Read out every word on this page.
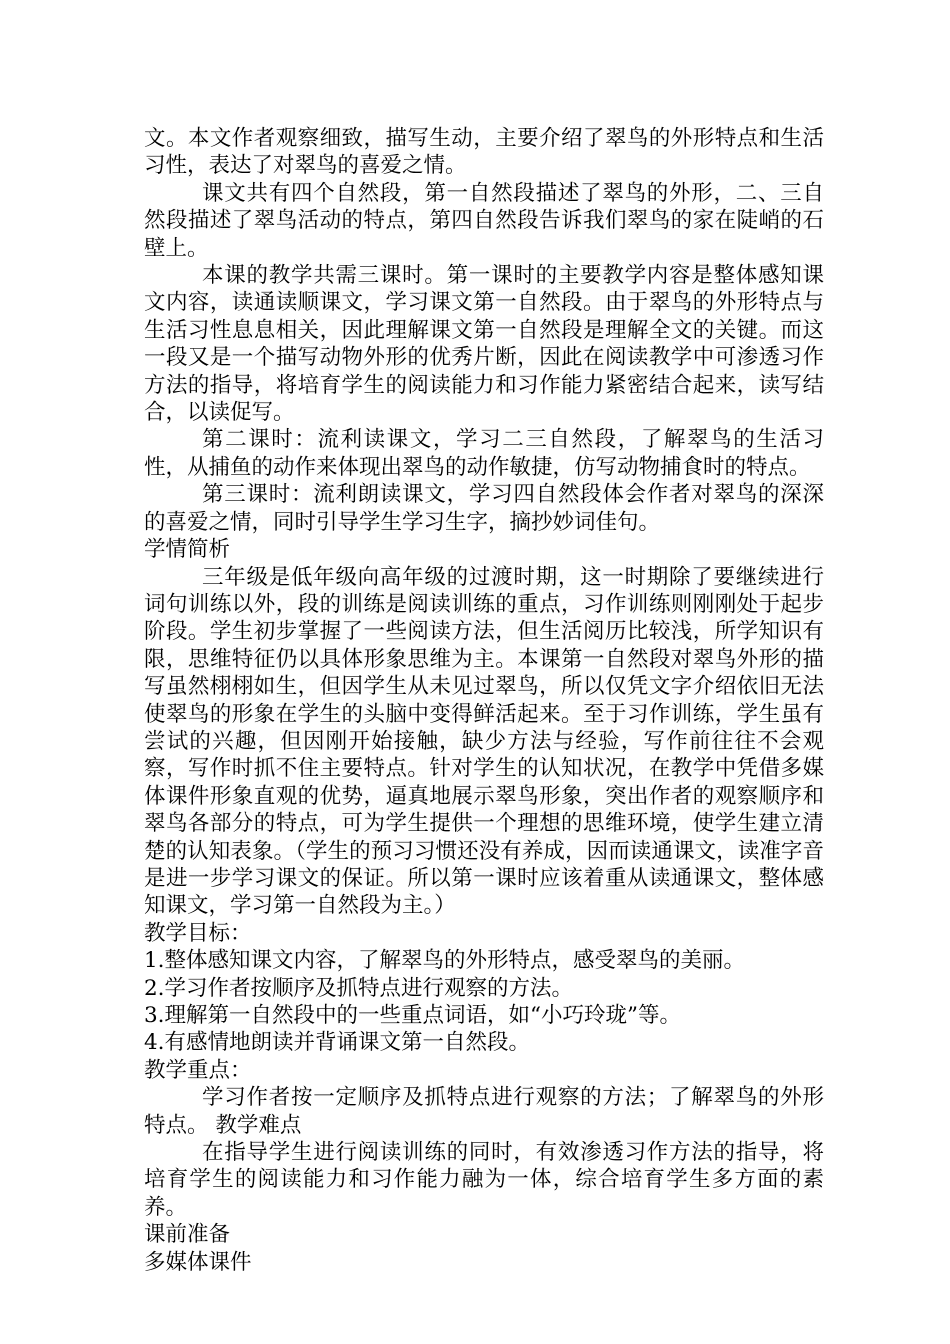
文。本文作者观察细致，描写生动，主要介绍了翠鸟的外形特点和生活习性，表达了对翠鸟的喜爱之情。

课文共有四个自然段，第一自然段描述了翠鸟的外形，二、三自然段描述了翠鸟活动的特点，第四自然段告诉我们翠鸟的家在陡峭的石壁上。

本课的教学共需三课时。第一课时的主要教学内容是整体感知课文内容，读通读顺课文，学习课文第一自然段。由于翠鸟的外形特点与生活习性息息相关，因此理解课文第一自然段是理解全文的关键。而这一段又是一个描写动物外形的优秀片断，因此在阅读教学中可渗透习作方法的指导，将培育学生的阅读能力和习作能力紧密结合起来，读写结合，以读促写。

第二课时：流利读课文，学习二三自然段，了解翠鸟的生活习性，从捕鱼的动作来体现出翠鸟的动作敏捷，仿写动物捕食时的特点。

第三课时：流利朗读课文，学习四自然段体会作者对翠鸟的深深的喜爱之情，同时引导学生学习生字，摘抄妙词佳句。

学情简析

三年级是低年级向高年级的过渡时期，这一时期除了要继续进行词句训练以外，段的训练是阅读训练的重点，习作训练则刚刚处于起步阶段。学生初步掌握了一些阅读方法，但生活阅历比较浅，所学知识有限，思维特征仍以具体形象思维为主。本课第一自然段对翠鸟外形的描写虽然栩栩如生，但因学生从未见过翠鸟，所以仅凭文字介绍依旧无法使翠鸟的形象在学生的头脑中变得鲜活起来。至于习作训练，学生虽有尝试的兴趣，但因刚开始接触，缺少方法与经验，写作前往往不会观察，写作时抓不住主要特点。针对学生的认知状况，在教学中凭借多媒体课件形象直观的优势，逼真地展示翠鸟形象，突出作者的观察顺序和翠鸟各部分的特点，可为学生提供一个理想的思维环境，使学生建立清楚的认知表象。（学生的预习习惯还没有养成，因而读通课文，读准字音是进一步学习课文的保证。所以第一课时应该着重从读通课文，整体感知课文，学习第一自然段为主。）

教学目标：

1.整体感知课文内容，了解翠鸟的外形特点，感受翠鸟的美丽。

2.学习作者按顺序及抓特点进行观察的方法。

3.理解第一自然段中的一些重点词语，如“小巧玲珑”等。

4.有感情地朗读并背诵课文第一自然段。

教学重点：

学习作者按一定顺序及抓特点进行观察的方法；了解翠鸟的外形特点。 教学难点

在指导学生进行阅读训练的同时，有效渗透习作方法的指导，将培育学生的阅读能力和习作能力融为一体，综合培育学生多方面的素养。

课前准备

多媒体课件
